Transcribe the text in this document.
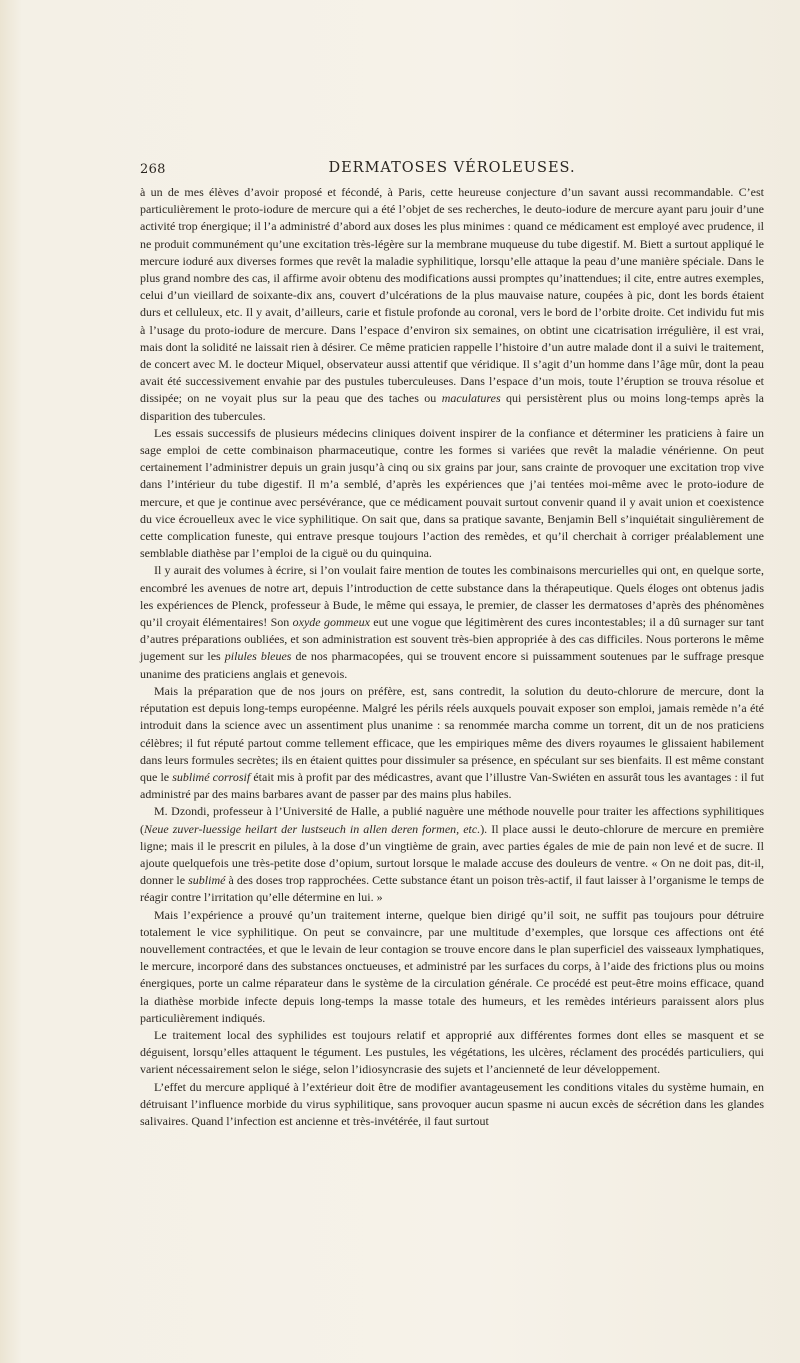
268	DERMATOSES VÉROLEUSES.

à un de mes élèves d’avoir proposé et fécondé, à Paris, cette heureuse conjecture d’un savant aussi recommandable. C’est particulièrement le proto-iodure de mercure qui a été l’objet de ses recherches, le deuto-iodure de mercure ayant paru jouir d’une activité trop énergique; il l’a administré d’abord aux doses les plus minimes : quand ce médicament est employé avec prudence, il ne produit communément qu’une excitation très-légère sur la membrane muqueuse du tube digestif. M. Biett a surtout appliqué le mercure ioduré aux diverses formes que revêt la maladie syphilitique, lorsqu’elle attaque la peau d’une manière spéciale. Dans le plus grand nombre des cas, il affirme avoir obtenu des modifications aussi promptes qu’inattendues; il cite, entre autres exemples, celui d’un vieillard de soixante-dix ans, couvert d’ulcérations de la plus mauvaise nature, coupées à pic, dont les bords étaient durs et celluleux, etc. Il y avait, d’ailleurs, carie et fistule profonde au coronal, vers le bord de l’orbite droite. Cet individu fut mis à l’usage du proto-iodure de mercure. Dans l’espace d’environ six semaines, on obtint une cicatrisation irrégulière, il est vrai, mais dont la solidité ne laissait rien à désirer. Ce même praticien rappelle l’histoire d’un autre malade dont il a suivi le traitement, de concert avec M. le docteur Miquel, observateur aussi attentif que véridique. Il s’agit d’un homme dans l’âge mûr, dont la peau avait été successivement envahie par des pustules tuberculeuses. Dans l’espace d’un mois, toute l’éruption se trouva résolue et dissipée; on ne voyait plus sur la peau que des taches ou maculatures qui persistèrent plus ou moins long-temps après la disparition des tubercules.

Les essais successifs de plusieurs médecins cliniques doivent inspirer de la confiance et déterminer les praticiens à faire un sage emploi de cette combinaison pharmaceutique, contre les formes si variées que revêt la maladie vénérienne. On peut certainement l’administrer depuis un grain jusqu’à cinq ou six grains par jour, sans crainte de provoquer une excitation trop vive dans l’intérieur du tube digestif. Il m’a semblé, d’après les expériences que j’ai tentées moi-même avec le proto-iodure de mercure, et que je continue avec persévérance, que ce médicament pouvait surtout convenir quand il y avait union et coexistence du vice écrouelleux avec le vice syphilitique. On sait que, dans sa pratique savante, Benjamin Bell s’inquiétait singulièrement de cette complication funeste, qui entrave presque toujours l’action des remèdes, et qu’il cherchait à corriger préalablement une semblable diathèse par l’emploi de la ciguë ou du quinquina.

Il y aurait des volumes à écrire, si l’on voulait faire mention de toutes les combinaisons mercurielles qui ont, en quelque sorte, encombré les avenues de notre art, depuis l’introduction de cette substance dans la thérapeutique. Quels éloges ont obtenus jadis les expériences de Plenck, professeur à Bude, le même qui essaya, le premier, de classer les dermatoses d’après des phénomènes qu’il croyait élémentaires! Son oxyde gommeux eut une vogue que légitimèrent des cures incontestables; il a dû surnager sur tant d’autres préparations oubliées, et son administration est souvent très-bien appropriée à des cas difficiles. Nous porterons le même jugement sur les pilules bleues de nos pharmacopées, qui se trouvent encore si puissamment soutenues par le suffrage presque unanime des praticiens anglais et genevois.

Mais la préparation que de nos jours on préfère, est, sans contredit, la solution du deuto-chlorure de mercure, dont la réputation est depuis long-temps européenne. Malgré les périls réels auxquels pouvait exposer son emploi, jamais remède n’a été introduit dans la science avec un assentiment plus unanime : sa renommée marcha comme un torrent, dit un de nos praticiens célèbres; il fut réputé partout comme tellement efficace, que les empiriques même des divers royaumes le glissaient habilement dans leurs formules secrètes; ils en étaient quittes pour dissimuler sa présence, en spéculant sur ses bienfaits. Il est même constant que le sublimé corrosif était mis à profit par des médicastres, avant que l’illustre Van-Swiéten en assurât tous les avantages : il fut administré par des mains barbares avant de passer par des mains plus habiles.

M. Dzondi, professeur à l’Université de Halle, a publié naguère une méthode nouvelle pour traiter les affections syphilitiques (Neue zuver-luessige heilart der lustseuch in allen deren formen, etc.). Il place aussi le deuto-chlorure de mercure en première ligne; mais il le prescrit en pilules, à la dose d’un vingtième de grain, avec parties égales de mie de pain non levé et de sucre. Il ajoute quelquefois une très-petite dose d’opium, surtout lorsque le malade accuse des douleurs de ventre. « On ne doit pas, dit-il, donner le sublimé à des doses trop rapprochées. Cette substance étant un poison très-actif, il faut laisser à l’organisme le temps de réagir contre l’irritation qu’elle détermine en lui. »

Mais l’expérience a prouvé qu’un traitement interne, quelque bien dirigé qu’il soit, ne suffit pas toujours pour détruire totalement le vice syphilitique. On peut se convaincre, par une multitude d’exemples, que lorsque ces affections ont été nouvellement contractées, et que le levain de leur contagion se trouve encore dans le plan superficiel des vaisseaux lymphatiques, le mercure, incorporé dans des substances onctueuses, et administré par les surfaces du corps, à l’aide des frictions plus ou moins énergiques, porte un calme réparateur dans le système de la circulation générale. Ce procédé est peut-être moins efficace, quand la diathèse morbide infecte depuis long-temps la masse totale des humeurs, et les remèdes intérieurs paraissent alors plus particulièrement indiqués.

Le traitement local des syphilides est toujours relatif et approprié aux différentes formes dont elles se masquent et se déguisent, lorsqu’elles attaquent le tégument. Les pustules, les végétations, les ulcères, réclament des procédés particuliers, qui varient nécessairement selon le siége, selon l’idiosyncrasie des sujets et l’ancienneté de leur développement.

L’effet du mercure appliqué à l’extérieur doit être de modifier avantageusement les conditions vitales du système humain, en détruisant l’influence morbide du virus syphilitique, sans provoquer aucun spasme ni aucun excès de sécrétion dans les glandes salivaires. Quand l’infection est ancienne et très-invétérée, il faut surtout
